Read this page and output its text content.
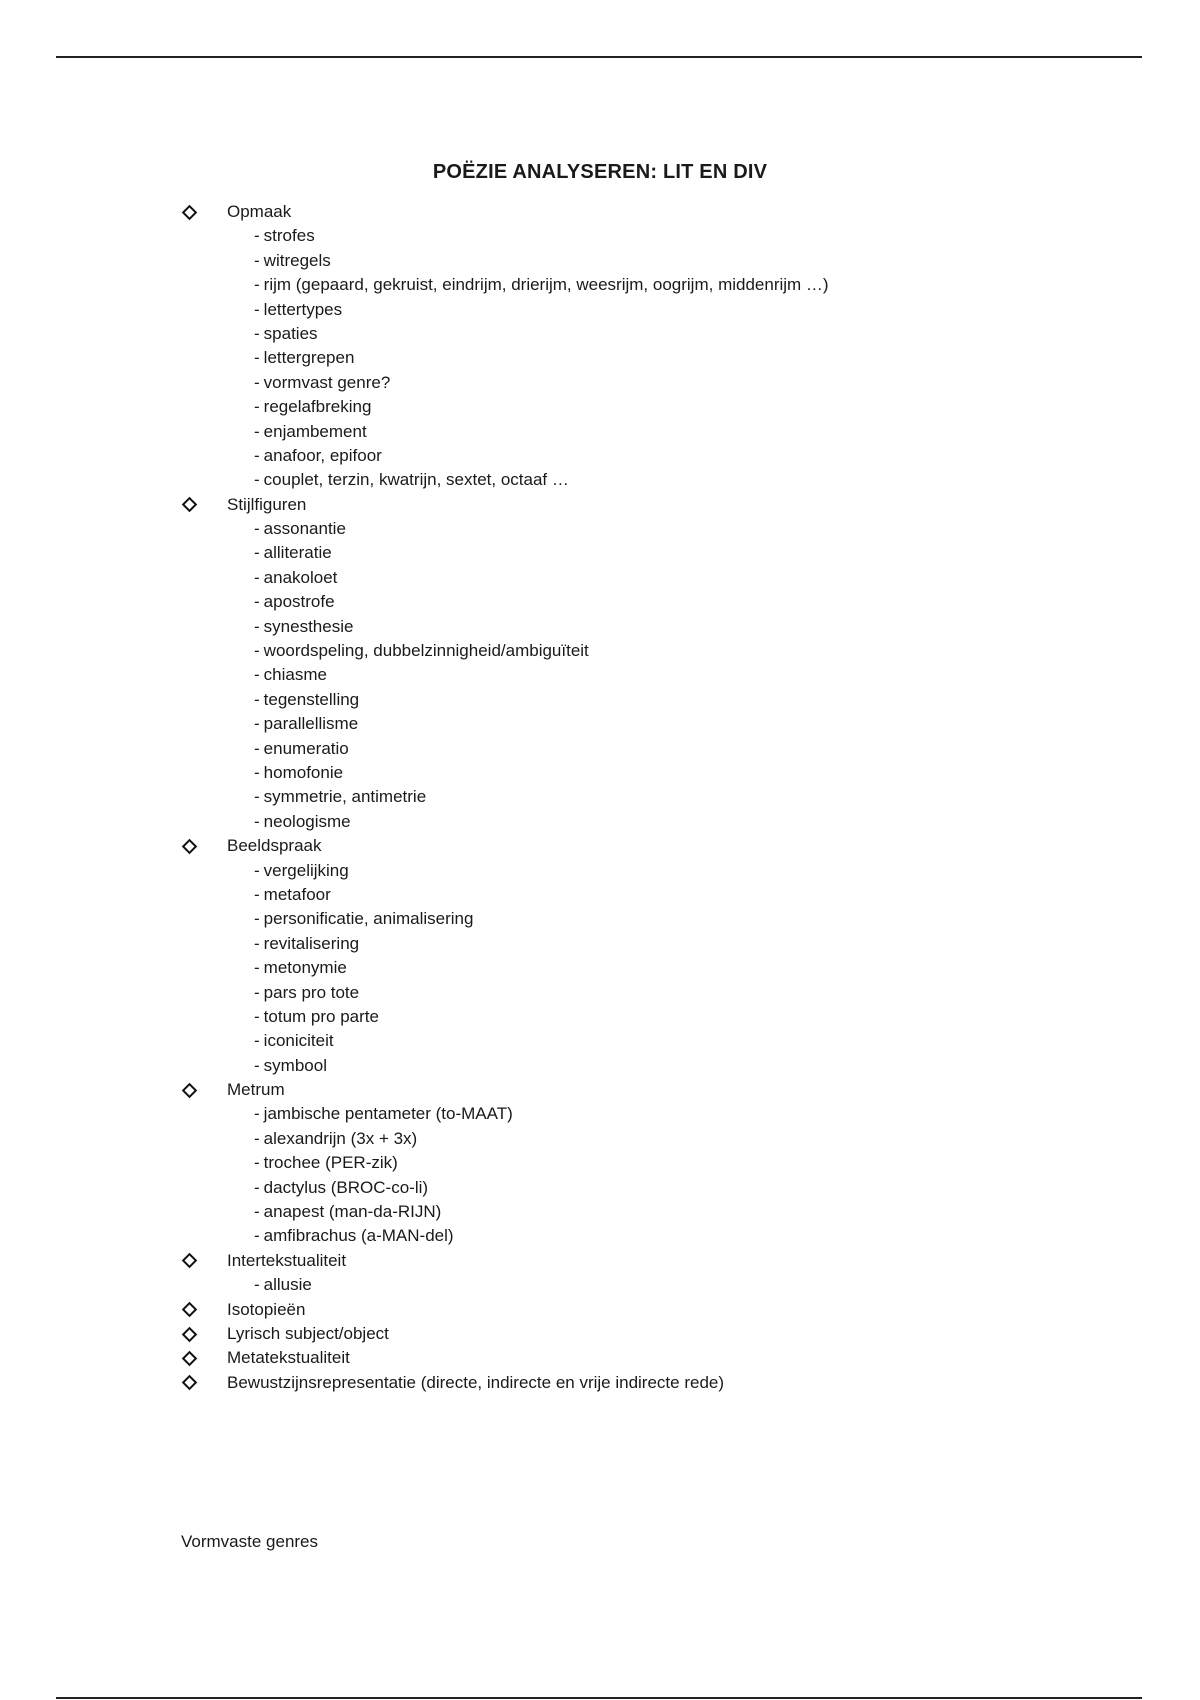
POËZIE ANALYSEREN: LIT EN DIV
Opmaak
- strofes
- witregels
- rijm (gepaard, gekruist, eindrijm, drierijm, weesrijm, oogrijm, middenrijm …)
- lettertypes
- spaties
- lettergrepen
- vormvast genre?
- regelafbreking
- enjambement
- anafoor, epifoor
- couplet, terzin, kwatrijn, sextet, octaaf …
Stijlfiguren
- assonantie
- alliteratie
- anakoloet
- apostrofe
- synesthesie
- woordspeling, dubbelzinnigheid/ambiguïteit
- chiasme
- tegenstelling
- parallellisme
- enumeratio
- homofonie
- symmetrie, antimetrie
- neologisme
Beeldspraak
- vergelijking
- metafoor
- personificatie, animalisering
- revitalisering
- metonymie
- pars pro tote
- totum pro parte
- iconiciteit
- symbool
Metrum
- jambische pentameter (to-MAAT)
- alexandrijn (3x + 3x)
- trochee (PER-zik)
- dactylus (BROC-co-li)
- anapest (man-da-RIJN)
- amfibrachus (a-MAN-del)
Intertekstualiteit
- allusie
Isotopieën
Lyrisch subject/object
Metatekstualiteit
Bewustzijnsrepresentatie (directe, indirecte en vrije indirecte rede)
Vormvaste genres
